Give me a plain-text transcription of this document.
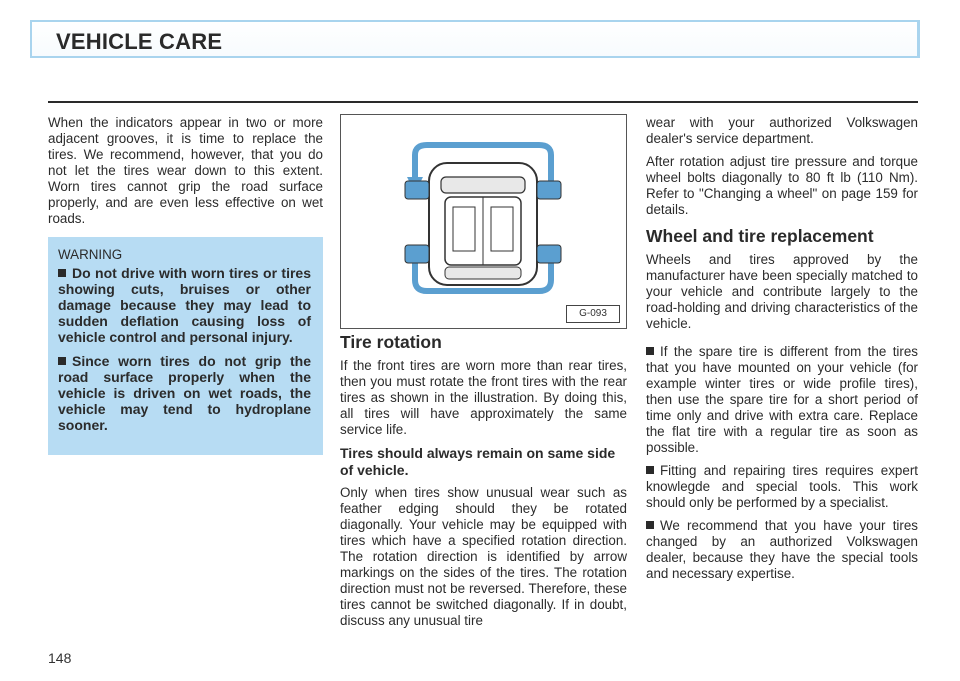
VEHICLE CARE

When the indicators appear in two or more adjacent grooves, it is time to replace the tires. We recommend, however, that you do not let the tires wear down to this extent. Worn tires cannot grip the road surface properly, and are even less effective on wet roads.

WARNING
Do not drive with worn tires or tires showing cuts, bruises or other damage because they may lead to sudden deflation causing loss of vehicle control and personal injury.
Since worn tires do not grip the road surface properly when the vehicle is driven on wet roads, the vehicle may tend to hydroplane sooner.
G-093
Tire rotation

If the front tires are worn more than rear tires, then you must rotate the front tires with the rear tires as shown in the illustration. By doing this, all tires will have approximately the same service life.

Tires should always remain on same side of vehicle.

Only when tires show unusual wear such as feather edging should they be rotated diagonally. Your vehicle may be equipped with tires which have a specified rotation direction. The rotation direction is identified by arrow markings on the sides of the tires. The rotation direction must not be reversed. Therefore, these tires cannot be switched diagonally. If in doubt, discuss any unusual tire

wear with your authorized Volkswagen dealer's service department.

After rotation adjust tire pressure and torque wheel bolts diagonally to 80 ft lb (110 Nm). Refer to "Changing a wheel" on page 159 for details.

Wheel and tire replacement

Wheels and tires approved by the manufacturer have been specially matched to your vehicle and contribute largely to the road-holding and driving characteristics of the vehicle.

If the spare tire is different from the tires that you have mounted on your vehicle (for example winter tires or wide profile tires), then use the spare tire for a short period of time only and drive with extra care. Replace the flat tire with a regular tire as soon as possible.

Fitting and repairing tires requires expert knowlegde and special tools. This work should only be performed by a specialist.

We recommend that you have your tires changed by an authorized Volkswagen dealer, because they have the special tools and necessary expertise.

148
